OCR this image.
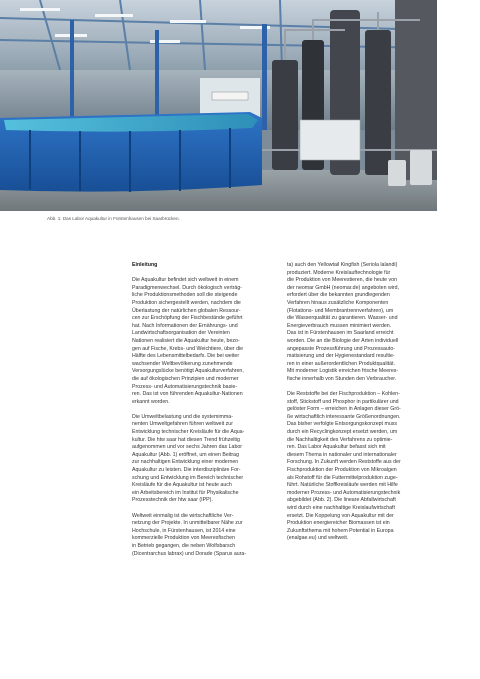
Abb. 1: Das Labor Aquakultur in Fürstenhausen bei Saarbrücken.

Einleitung

Die Aquakultur befindet sich weltweit in einem
Paradigmenwechsel. Durch ökologisch verträg-
liche Produktionsmethoden soll die steigende
Produktion sichergestellt werden, nachdem die
Überlastung der natürlichen globalen Ressour-
cen zur Erschöpfung der Fischbestände geführt
hat. Nach Informationen der Ernährungs- und
Landwirtschaftsorganisation der Vereinten
Nationen realisiert die Aquakultur heute, bezo-
gen auf Fische, Krebs- und Weichtiere, über die
Hälfte des Lebensmittelbedarfs. Die bei weiter
wachsender Weltbevölkerung zunehmende
Versorgungslücke benötigt Aquakulturverfahren,
die auf ökologischen Prinzipien und moderner
Prozess- und Automatisierungstechnik basie-
ren. Das ist von führenden Aquakultur-Nationen
erkannt worden.

Die Umweltbelastung und die systemimma-
nenten Umweltgefahren führen weltweit zur
Entwicklung technischer Kreisläufe für die Aqua-
kultur. Die htw saar hat diesen Trend frühzeitig
aufgenommen und vor sechs Jahren das Labor
Aquakultur (Abb. 1) eröffnet, um einen Beitrag
zur nachhaltigen Entwicklung einer modernen
Aquakultur zu leisten. Die interdisziplinäre For-
schung und Entwicklung im Bereich technischer
Kreisläufe für die Aquakultur ist heute auch
ein Arbeitsbereich im Institut für Physikalische
Prozesstechnik der htw saar (IPP).

Weltweit einmalig ist die wirtschaftliche Ver-
netzung der Projekte. In unmittelbarer Nähe zur
Hochschule, in Fürstenhausen, ist 2014 eine
kommerzielle Produktion von Meeresfischen
in Betrieb gegangen, die neben Wolfsbarsch
(Dicentrarchus labrax) und Dorade (Sparus aura-

ta) auch den Yellowtail Kingfish (Seriola lalandi)
produziert. Moderne Kreislauftechnologie für
die Produktion von Meerestieren, die heute von
der neomar GmbH (neomar.de) angeboten wird,
erfordert über die bekannten grundlegenden
Verfahren hinaus zusätzliche Komponenten
(Flotations- und Membrantrennverfahren), um
die Wasserqualität zu garantieren. Wasser- und
Energieverbrauch mussen minimiert werden.
Das ist in Fürstenhausen im Saarland erreicht
worden. Die an die Biologie der Arten individuell
angepasste Prozessführung und Prozessauto-
matisierung und der Hygienestandard resultie-
ren in einer außerordentlichen Produktqualität.
Mit moderner Logistik erreichen frische Meeres-
fische innerhalb von Stunden den Verbraucher.

Die Reststoffe bei der Fischproduktion – Kohlen-
stoff, Stickstoff und Phosphor in partikulärer und
gelöster Form – erreichen in Anlagen dieser Grö-
ße wirtschaftlich interessante Größenordnungen.
Das bisher verfolgte Entsorgungskonzept muss
durch ein Recyclingkonzept ersetzt werden, um
die Nachhaltigkeit des Verfahrens zu optimie-
ren. Das Labor Aquakultur befasst sich mit
diesem Thema in nationaler und internationaler
Forschung. In Zukunft werden Reststoffe aus der
Fischproduktion der Produktion von Mikroalgen
als Rohstoff für die Futtermittelproduktion zuge-
führt. Natürliche Stoffkreisläufe werden mit Hilfe
moderner Prozess- und Automatisierungstechnik
abgebildet (Abb. 2). Die lineare Abfallwirtschaft
wird durch eine nachhaltige Kreislaufwirtschaft
ersetzt. Die Koppelung von Aquakultur mit der
Produktion energiereicher Biomassen ist ein
Zukunftsthema mit hohem Potential in Europa
(enalgae.eu) und weltweit.
